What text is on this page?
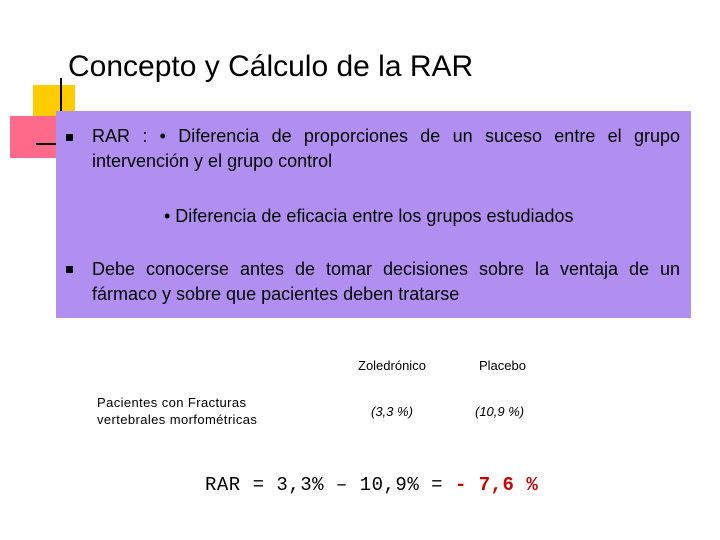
Concepto y Cálculo de la RAR
RAR : • Diferencia de proporciones de un suceso entre el grupo
intervención y el grupo control
• Diferencia de eficacia entre los grupos estudiados
Debe conocerse antes de tomar decisiones sobre la ventaja de un
fármaco y sobre que pacientes deben tratarse
Zoledrónico	Placebo
Pacientes con Fracturas
vertebrales morfométricas
(3,3 %)	(10,9 %)
RAR = 3,3% – 10,9% = - 7,6 %
